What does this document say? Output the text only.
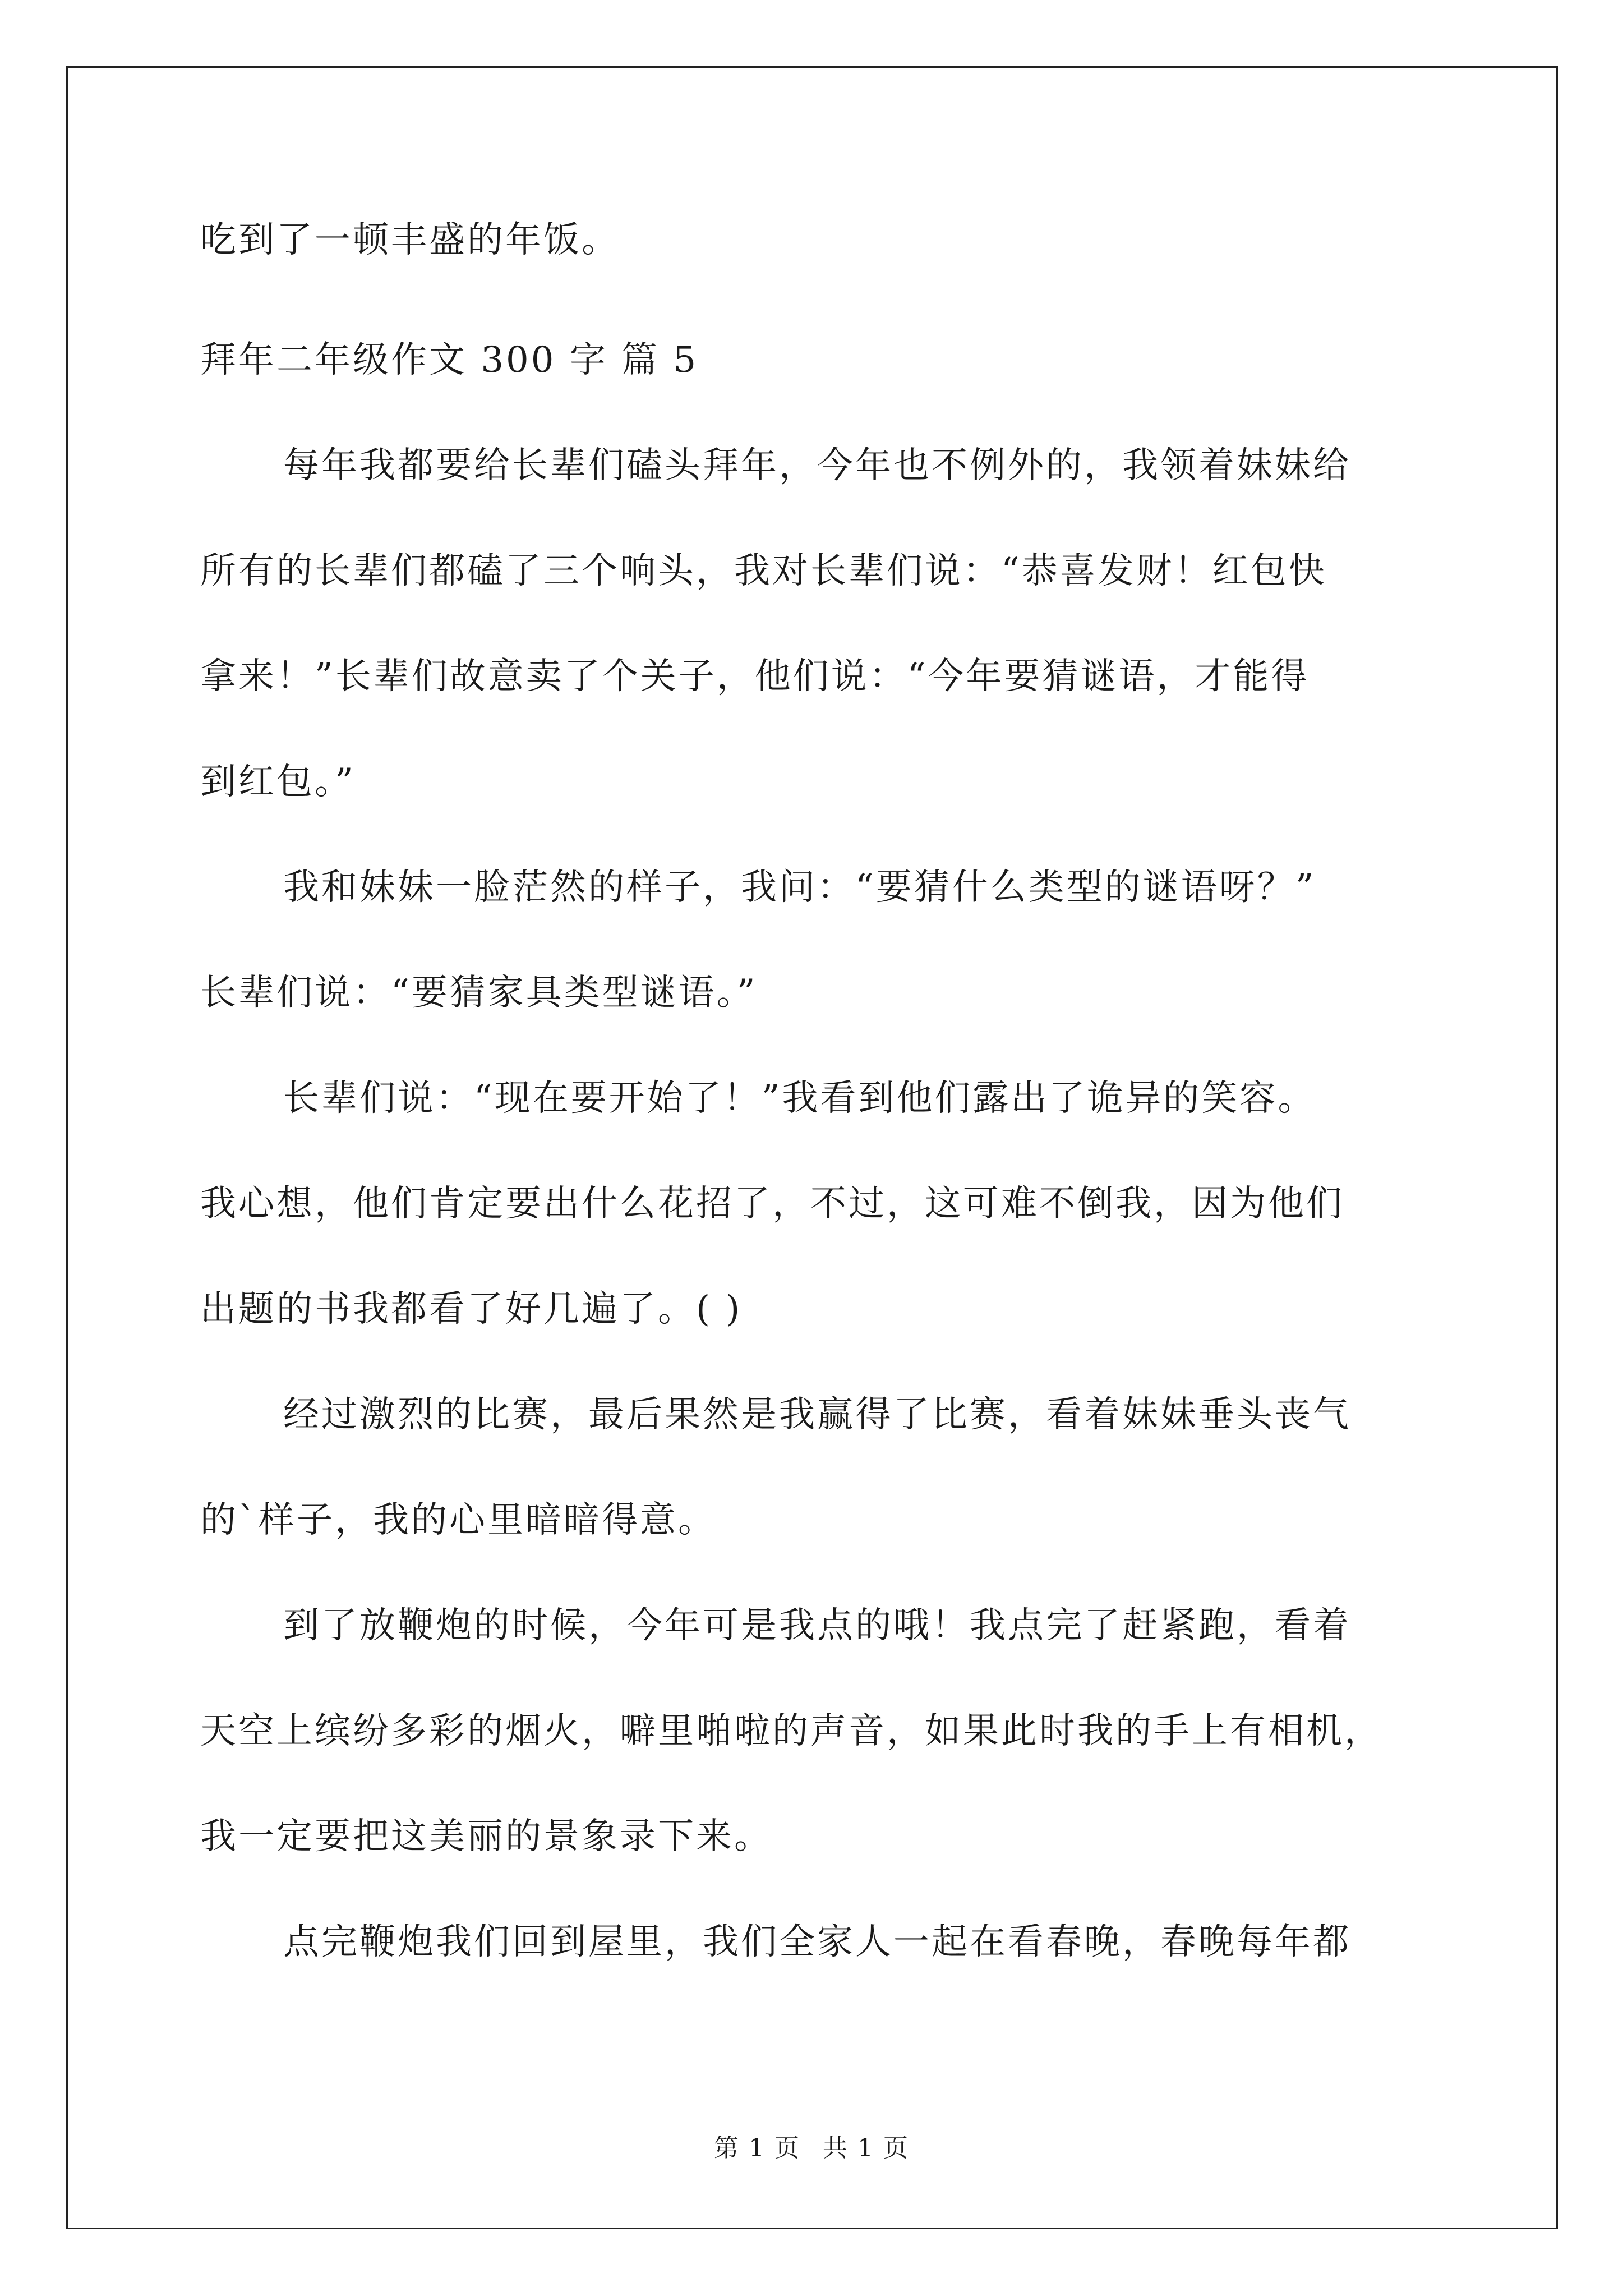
吃到了一顿丰盛的年饭。
拜年二年级作文 300 字 篇 5
每年我都要给长辈们磕头拜年，今年也不例外的，我领着妹妹给
所有的长辈们都磕了三个响头，我对长辈们说：“恭喜发财！红包快
拿来！”长辈们故意卖了个关子，他们说：“今年要猜谜语，才能得
到红包。”
我和妹妹一脸茫然的样子，我问：“要猜什么类型的谜语呀？”
长辈们说：“要猜家具类型谜语。”
长辈们说：“现在要开始了！”我看到他们露出了诡异的笑容。
我心想，他们肯定要出什么花招了，不过，这可难不倒我，因为他们
出题的书我都看了好几遍了。( )
经过激烈的比赛，最后果然是我赢得了比赛，看着妹妹垂头丧气
的`样子，我的心里暗暗得意。
到了放鞭炮的时候，今年可是我点的哦！我点完了赶紧跑，看着
天空上缤纷多彩的烟火，噼里啪啦的声音，如果此时我的手上有相机，
我一定要把这美丽的景象录下来。
点完鞭炮我们回到屋里，我们全家人一起在看春晚，春晚每年都
第 1 页 共 1 页
